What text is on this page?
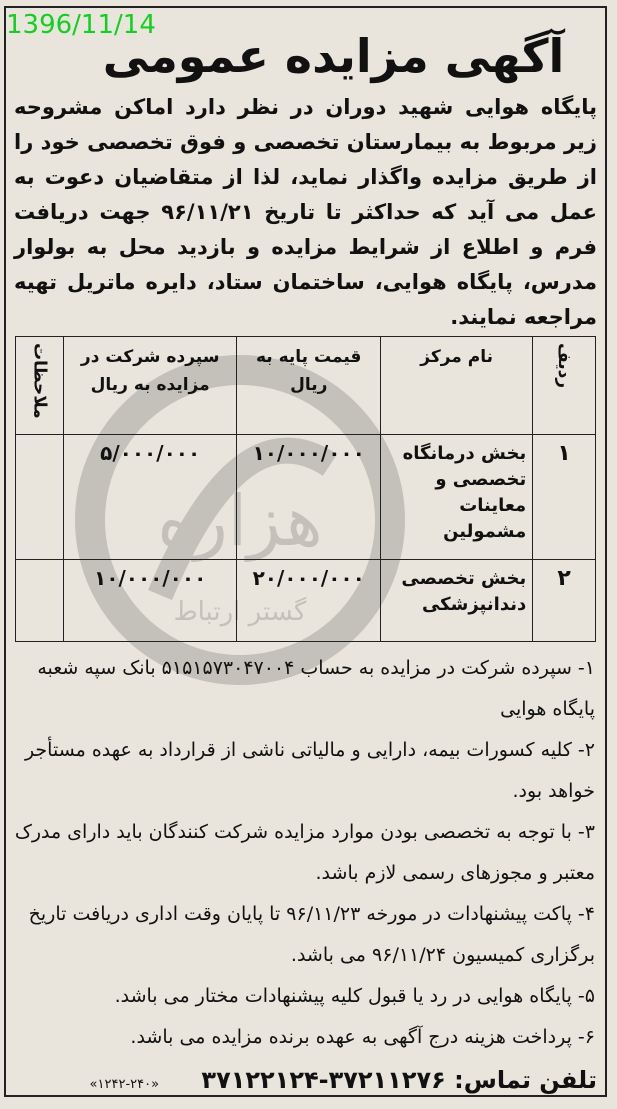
1396/11/14
هزاره
گستر ارتباط
آگهی مزایده عمومی
پایگاه هوایی شهید دوران در نظر دارد اماکن مشروحه زیر مربوط به بیمارستان تخصصی و فوق تخصصی خود را از طریق مزایده واگذار نماید، لذا از متقاضیان دعوت به عمل می آید که حداکثر تا تاریخ ۹۶/۱۱/۲۱ جهت دریافت فرم و اطلاع از شرایط مزایده و بازدید محل به بولوار مدرس، پایگاه هوایی، ساختمان ستاد، دایره ماتریل تهیه مراجعه نمایند.
ردیف	نام مرکز	قیمت پایه به ریال	سپرده شرکت در مزایده به ریال	ملاحظات
۱	بخش درمانگاه تخصصی و معاینات مشمولین	۱۰/۰۰۰/۰۰۰	۵/۰۰۰/۰۰۰	
۲	بخش تخصصی دندانپزشکی	۲۰/۰۰۰/۰۰۰	۱۰/۰۰۰/۰۰۰	

۱- سپرده شرکت در مزایده به حساب ۵۱۵۱۵۷۳۰۴۷۰۰۴ بانک سپه شعبه پایگاه هوایی

۲- کلیه کسورات بیمه، دارایی و مالیاتی ناشی از قرارداد به عهده مستأجر خواهد بود.

۳- با توجه به تخصصی بودن موارد مزایده شرکت کنندگان باید دارای مدرک معتبر و مجوزهای رسمی لازم باشد.

۴- پاکت پیشنهادات در مورخه ۹۶/۱۱/۲۳ تا پایان وقت اداری دریافت تاریخ برگزاری کمیسیون ۹۶/۱۱/۲۴ می باشد.

۵- پایگاه هوایی در رد یا قبول کلیه پیشنهادات مختار می باشد.

۶- پرداخت هزینه درج آگهی به عهده برنده مزایده می باشد.

تلفن تماس: ۳۷۲۱۱۲۷۶-۳۷۱۲۲۱۲۴ «۲۴۰-۱۲۴۲»
